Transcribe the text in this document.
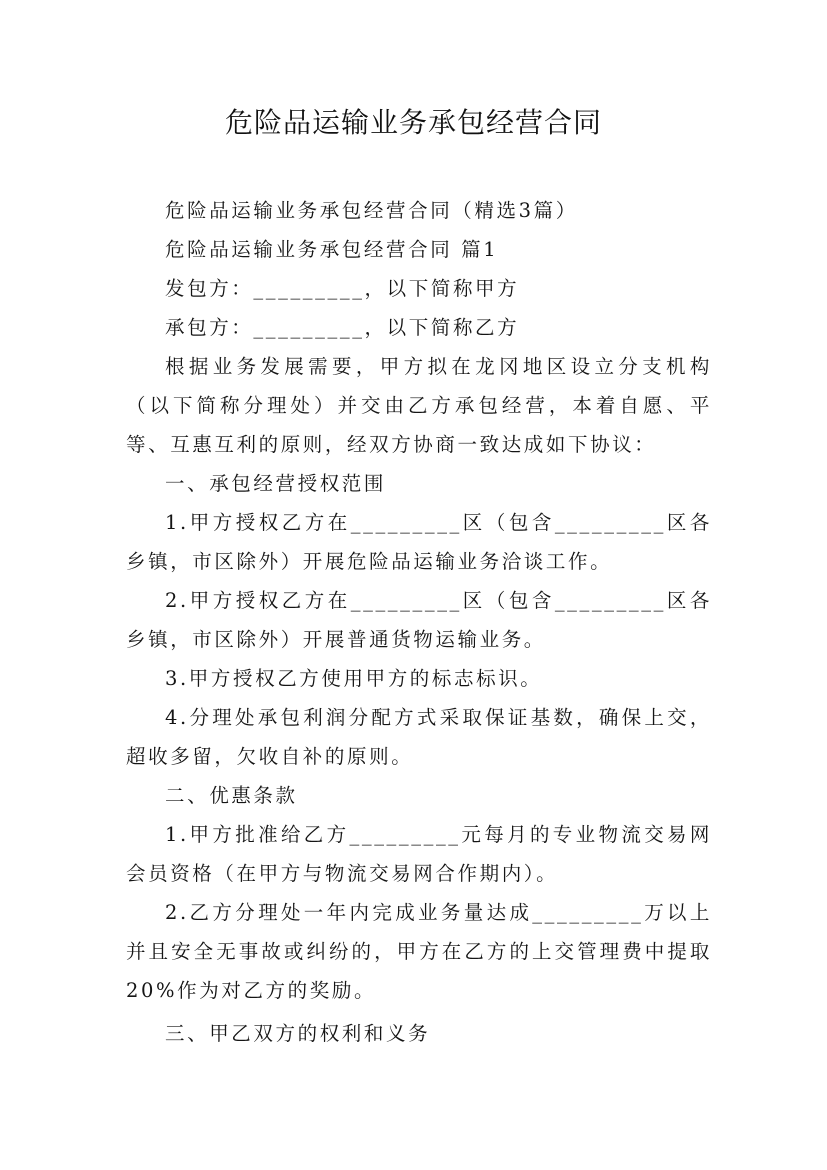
危险品运输业务承包经营合同

危险品运输业务承包经营合同（精选3篇）

危险品运输业务承包经营合同 篇1

发包方：_________，以下简称甲方

承包方：_________，以下简称乙方

根据业务发展需要，甲方拟在龙冈地区设立分支机构（以下简称分理处）并交由乙方承包经营，本着自愿、平等、互惠互利的原则，经双方协商一致达成如下协议：

一、承包经营授权范围

1.甲方授权乙方在_________区（包含_________区各乡镇，市区除外）开展危险品运输业务洽谈工作。

2.甲方授权乙方在_________区（包含_________区各乡镇，市区除外）开展普通货物运输业务。

3.甲方授权乙方使用甲方的标志标识。

4.分理处承包利润分配方式采取保证基数，确保上交，超收多留，欠收自补的原则。

二、优惠条款

1.甲方批准给乙方_________元每月的专业物流交易网会员资格（在甲方与物流交易网合作期内）。

2.乙方分理处一年内完成业务量达成_________万以上并且安全无事故或纠纷的，甲方在乙方的上交管理费中提取20%作为对乙方的奖励。

三、甲乙双方的权利和义务
